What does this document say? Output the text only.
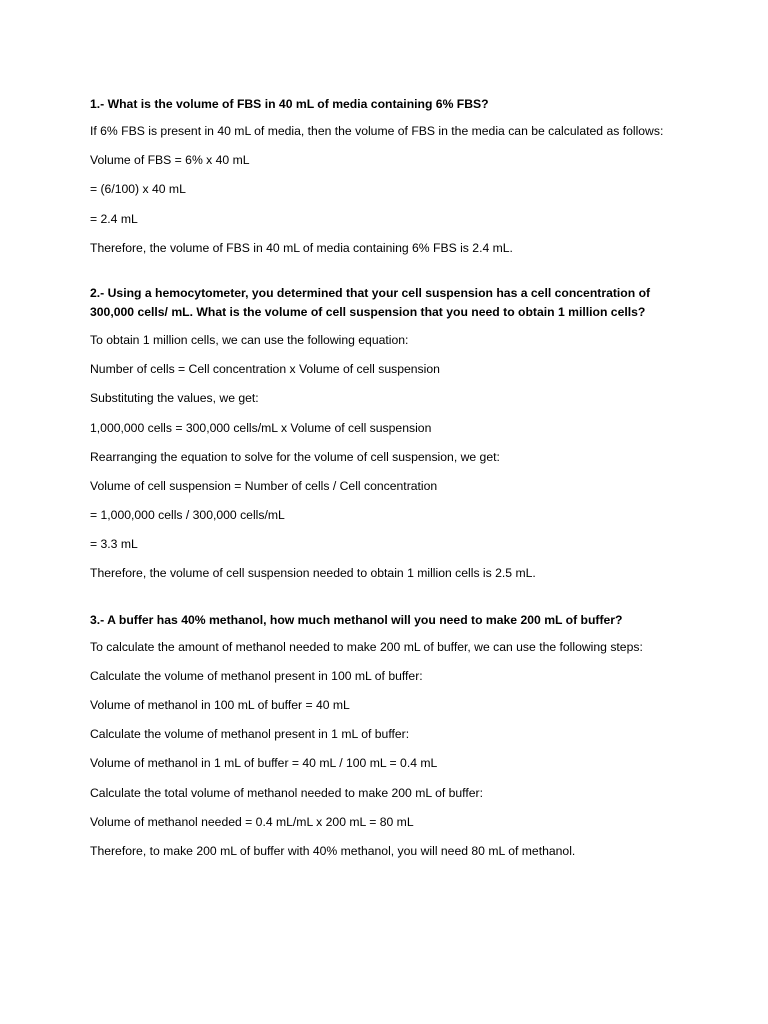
1.- What is the volume of FBS in 40 mL of media containing 6% FBS?

If 6% FBS is present in 40 mL of media, then the volume of FBS in the media can be calculated as follows:

Volume of FBS = 6% x 40 mL

= (6/100) x 40 mL

= 2.4 mL

Therefore, the volume of FBS in 40 mL of media containing 6% FBS is 2.4 mL.

2.- Using a hemocytometer, you determined that your cell suspension has a cell concentration of
300,000 cells/ mL. What is the volume of cell suspension that you need to obtain 1 million cells?

To obtain 1 million cells, we can use the following equation:

Number of cells = Cell concentration x Volume of cell suspension

Substituting the values, we get:

1,000,000 cells = 300,000 cells/mL x Volume of cell suspension

Rearranging the equation to solve for the volume of cell suspension, we get:

Volume of cell suspension = Number of cells / Cell concentration

= 1,000,000 cells / 300,000 cells/mL

= 3.3 mL

Therefore, the volume of cell suspension needed to obtain 1 million cells is 2.5 mL.

3.- A buffer has 40% methanol, how much methanol will you need to make 200 mL of buffer?

To calculate the amount of methanol needed to make 200 mL of buffer, we can use the following steps:

Calculate the volume of methanol present in 100 mL of buffer:

Volume of methanol in 100 mL of buffer = 40 mL

Calculate the volume of methanol present in 1 mL of buffer:

Volume of methanol in 1 mL of buffer = 40 mL / 100 mL = 0.4 mL

Calculate the total volume of methanol needed to make 200 mL of buffer:

Volume of methanol needed = 0.4 mL/mL x 200 mL = 80 mL

Therefore, to make 200 mL of buffer with 40% methanol, you will need 80 mL of methanol.
